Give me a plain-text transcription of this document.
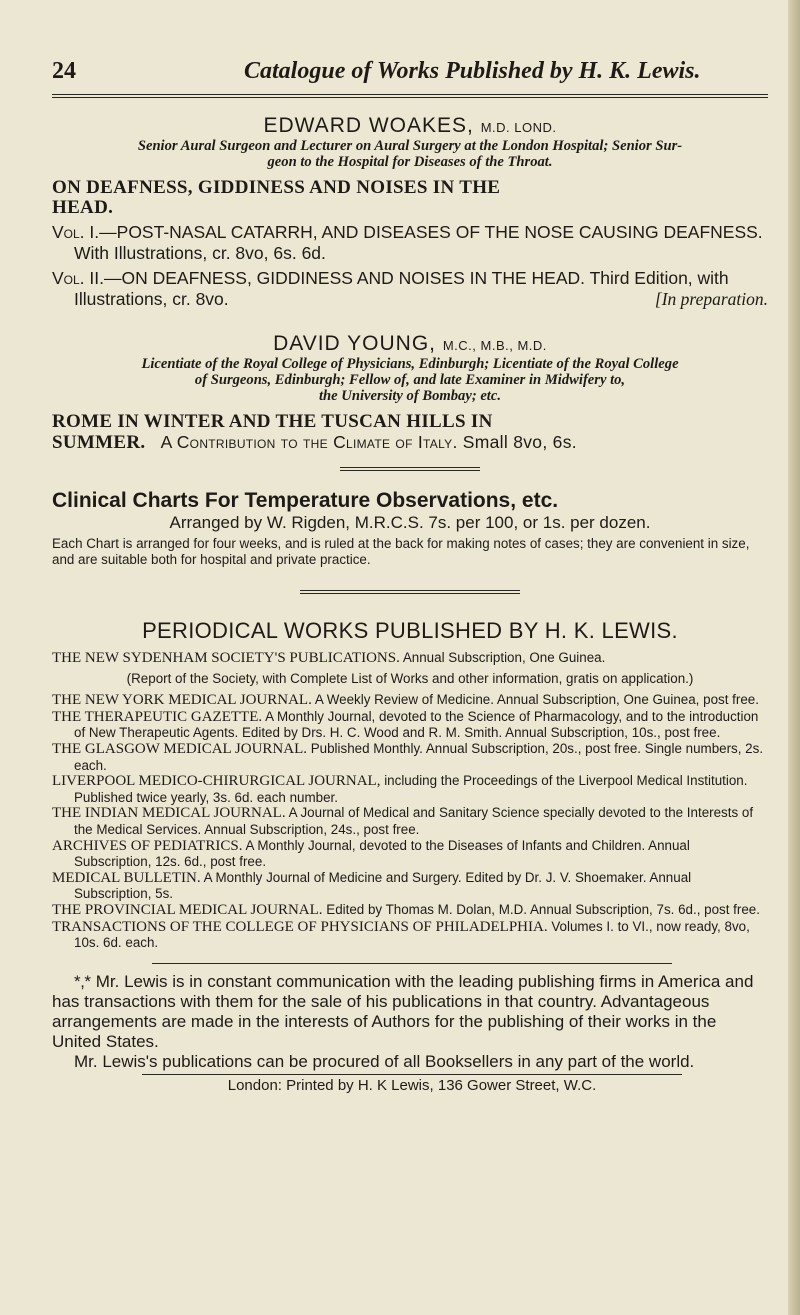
24	Catalogue of Works Published by H. K. Lewis.
EDWARD WOAKES, M.D. LOND.
Senior Aural Surgeon and Lecturer on Aural Surgery at the London Hospital; Senior Sur-
geon to the Hospital for Diseases of the Throat.
ON DEAFNESS, GIDDINESS AND NOISES IN THE
HEAD.
Vol. I.—POST-NASAL CATARRH, AND DISEASES OF THE NOSE CAUSING DEAFNESS. With Illustrations, cr. 8vo, 6s. 6d.
Vol. II.—ON DEAFNESS, GIDDINESS AND NOISES IN THE HEAD. Third Edition, with Illustrations, cr. 8vo.	[In preparation.
DAVID YOUNG, M.C., M.B., M.D.
Licentiate of the Royal College of Physicians, Edinburgh; Licentiate of the Royal College
of Surgeons, Edinburgh; Fellow of, and late Examiner in Midwifery to,
the University of Bombay; etc.
ROME IN WINTER AND THE TUSCAN HILLS IN
SUMMER. A Contribution to the Climate of Italy. Small 8vo, 6s.
Clinical Charts For Temperature Observations, etc.
Arranged by W. Rigden, M.R.C.S. 7s. per 100, or 1s. per dozen.
Each Chart is arranged for four weeks, and is ruled at the back for making notes of cases; they are convenient in size, and are suitable both for hospital and private practice.
PERIODICAL WORKS PUBLISHED BY H. K. LEWIS.
THE NEW SYDENHAM SOCIETY'S PUBLICATIONS. Annual Subscription, One Guinea.
(Report of the Society, with Complete List of Works and other information, gratis on application.)
THE NEW YORK MEDICAL JOURNAL. A Weekly Review of Medicine. Annual Subscription, One Guinea, post free.
THE THERAPEUTIC GAZETTE. A Monthly Journal, devoted to the Science of Pharmacology, and to the introduction of New Therapeutic Agents. Edited by Drs. H. C. Wood and R. M. Smith. Annual Subscription, 10s., post free.
THE GLASGOW MEDICAL JOURNAL. Published Monthly. Annual Subscription, 20s., post free. Single numbers, 2s. each.
LIVERPOOL MEDICO-CHIRURGICAL JOURNAL, including the Proceedings of the Liverpool Medical Institution. Published twice yearly, 3s. 6d. each number.
THE INDIAN MEDICAL JOURNAL. A Journal of Medical and Sanitary Science specially devoted to the Interests of the Medical Services. Annual Subscription, 24s., post free.
ARCHIVES OF PEDIATRICS. A Monthly Journal, devoted to the Diseases of Infants and Children. Annual Subscription, 12s. 6d., post free.
MEDICAL BULLETIN. A Monthly Journal of Medicine and Surgery. Edited by Dr. J. V. Shoemaker. Annual Subscription, 5s.
THE PROVINCIAL MEDICAL JOURNAL. Edited by Thomas M. Dolan, M.D. Annual Subscription, 7s. 6d., post free.
TRANSACTIONS OF THE COLLEGE OF PHYSICIANS OF PHILADELPHIA. Volumes I. to VI., now ready, 8vo, 10s. 6d. each.

*‚* Mr. Lewis is in constant communication with the leading publishing firms in America and has transactions with them for the sale of his publications in that country. Advantageous arrangements are made in the interests of Authors for the publishing of their works in the United States.

Mr. Lewis's publications can be procured of all Booksellers in any part of the world.

London: Printed by H. K Lewis, 136 Gower Street, W.C.
